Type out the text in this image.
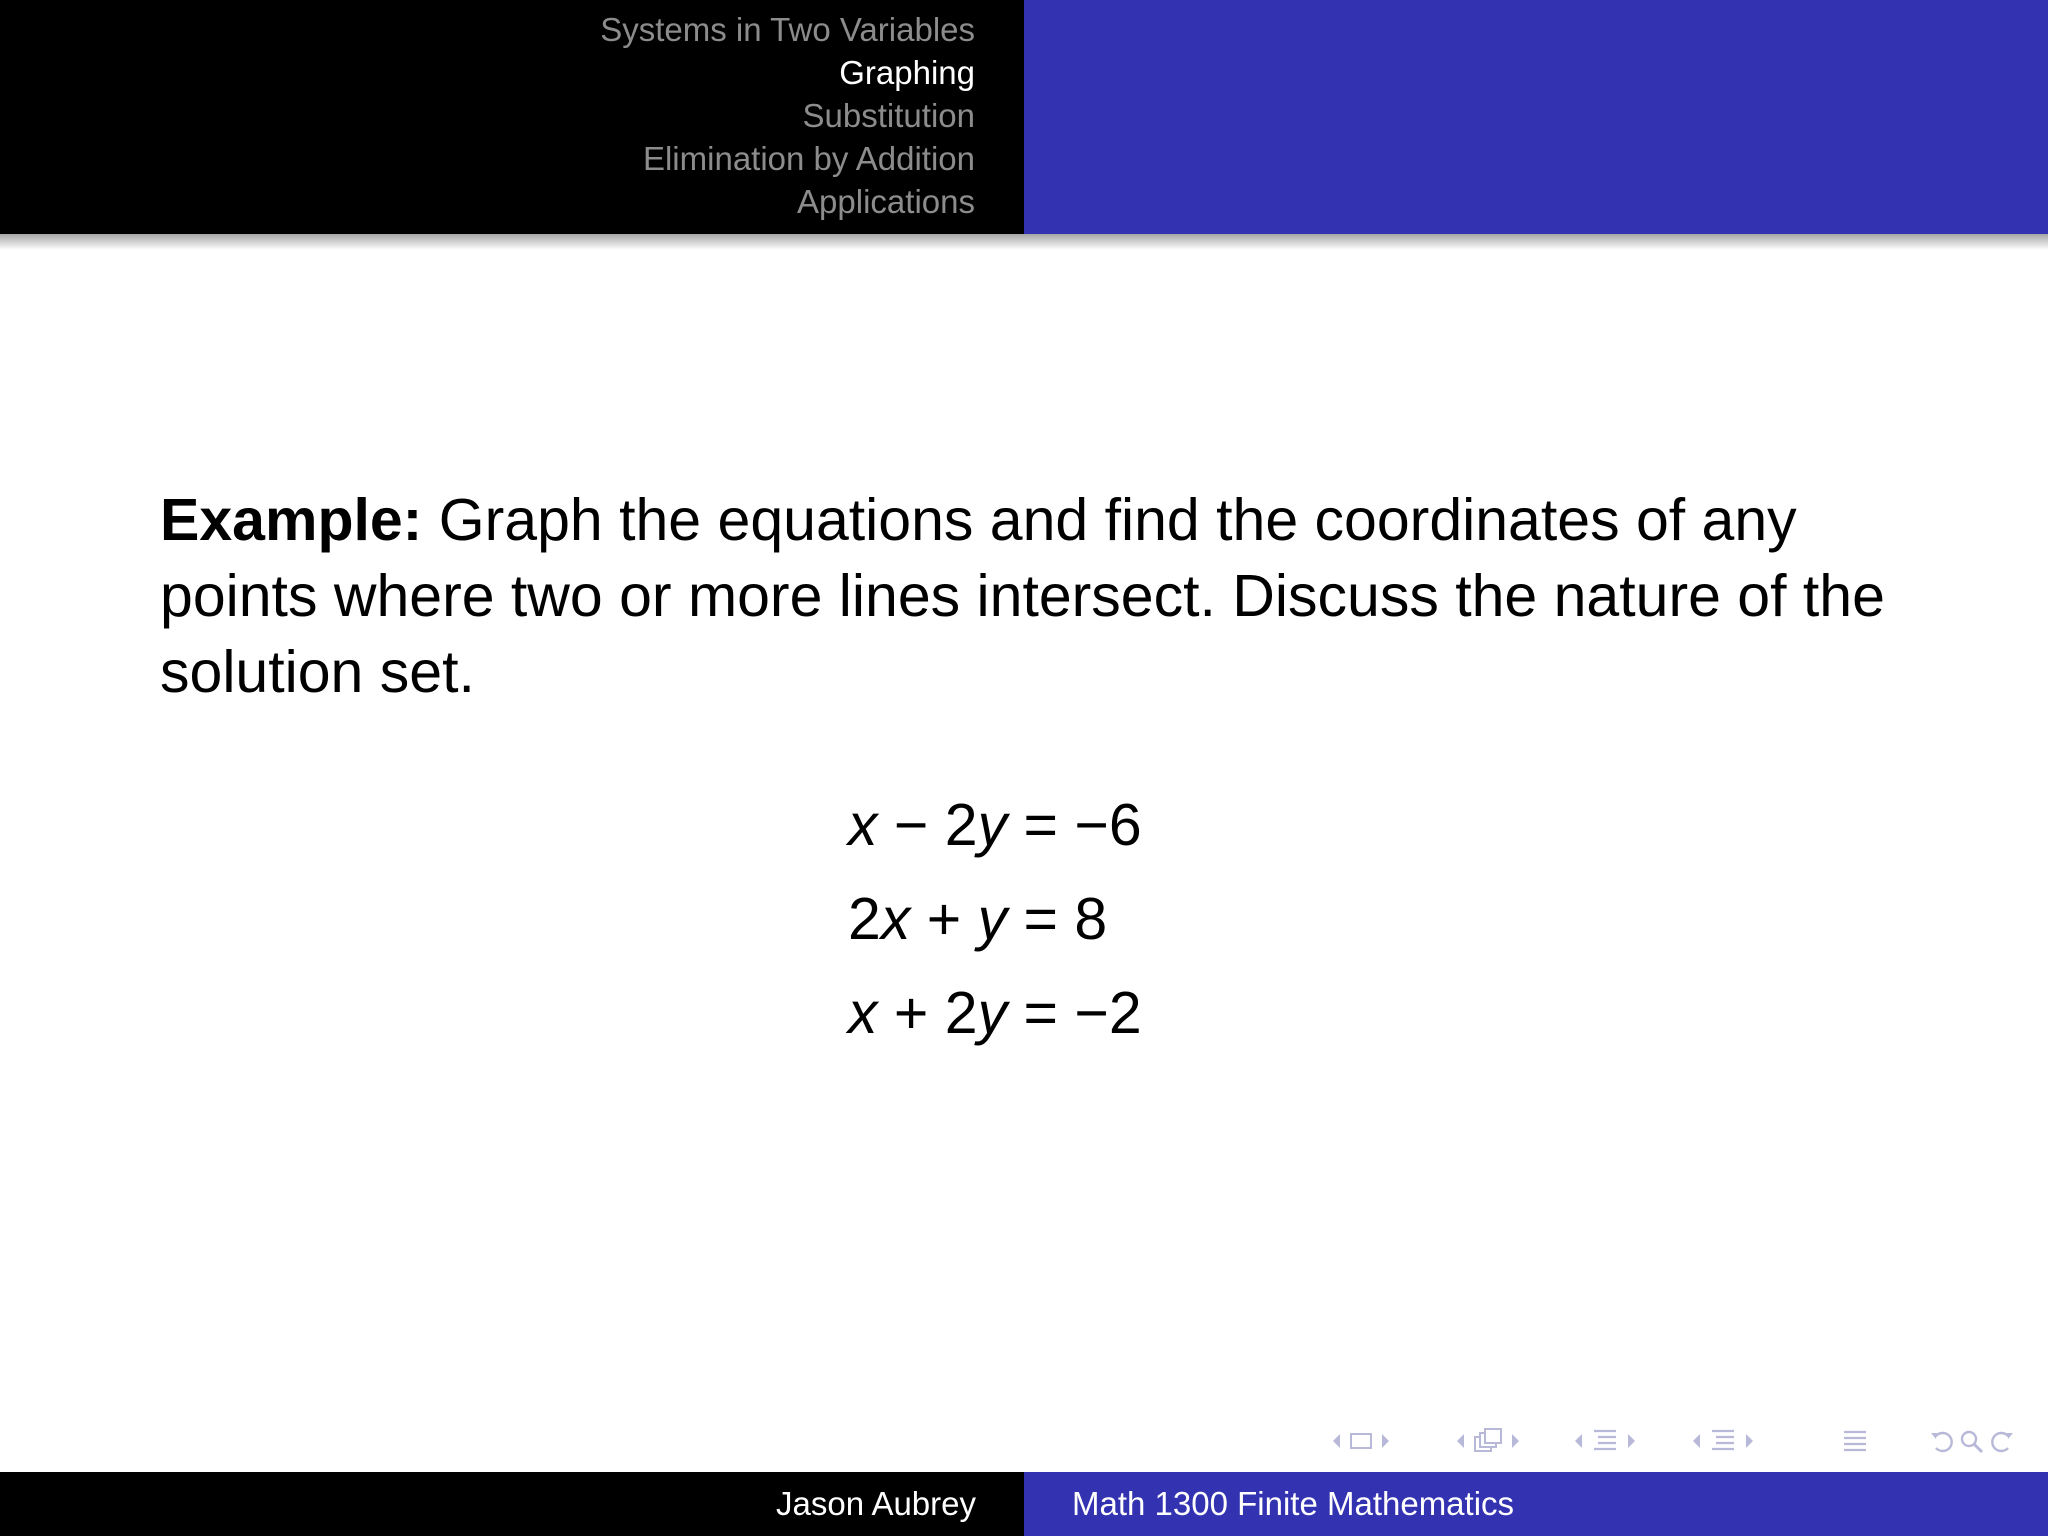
Systems in Two Variables
Graphing
Substitution
Elimination by Addition
Applications
Example: Graph the equations and find the coordinates of any points where two or more lines intersect. Discuss the nature of the solution set.
x − 2y = −6
2x + y = 8
x + 2y = −2
Jason Aubrey	Math 1300 Finite Mathematics
